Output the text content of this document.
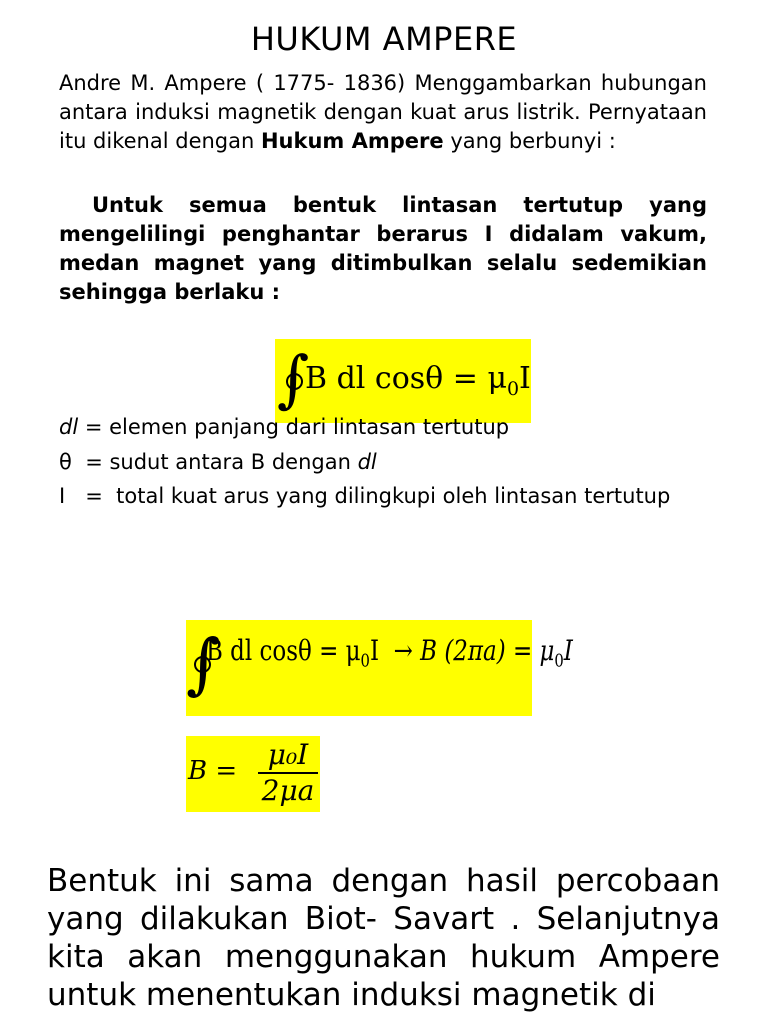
HUKUM AMPERE
Andre M. Ampere ( 1775- 1836) Menggambarkan hubungan antara induksi magnetik dengan kuat arus listrik. Pernyataan itu dikenal dengan Hukum Ampere yang berbunyi :
Untuk semua bentuk lintasan tertutup yang mengelilingi penghantar berarus I didalam vakum, medan magnet yang ditimbulkan selalu sedemikian sehingga berlaku :
∫
B dl $\cos\theta = \mu_0I$
dl = elemen panjang dari lintasan tertutup
θ  = sudut antara B dengan dl
I   =  total kuat arus yang dilingkupi oleh lintasan tertutup
∫
B dl $\cos\theta = \mu_0I \to B$ $(2\pi a) = \mu_0I$
B =	μ₀I
2μa
Bentuk ini sama dengan hasil percobaan yang dilakukan Biot- Savart . Selanjutnya kita akan menggunakan hukum Ampere untuk menentukan induksi magnetik di
